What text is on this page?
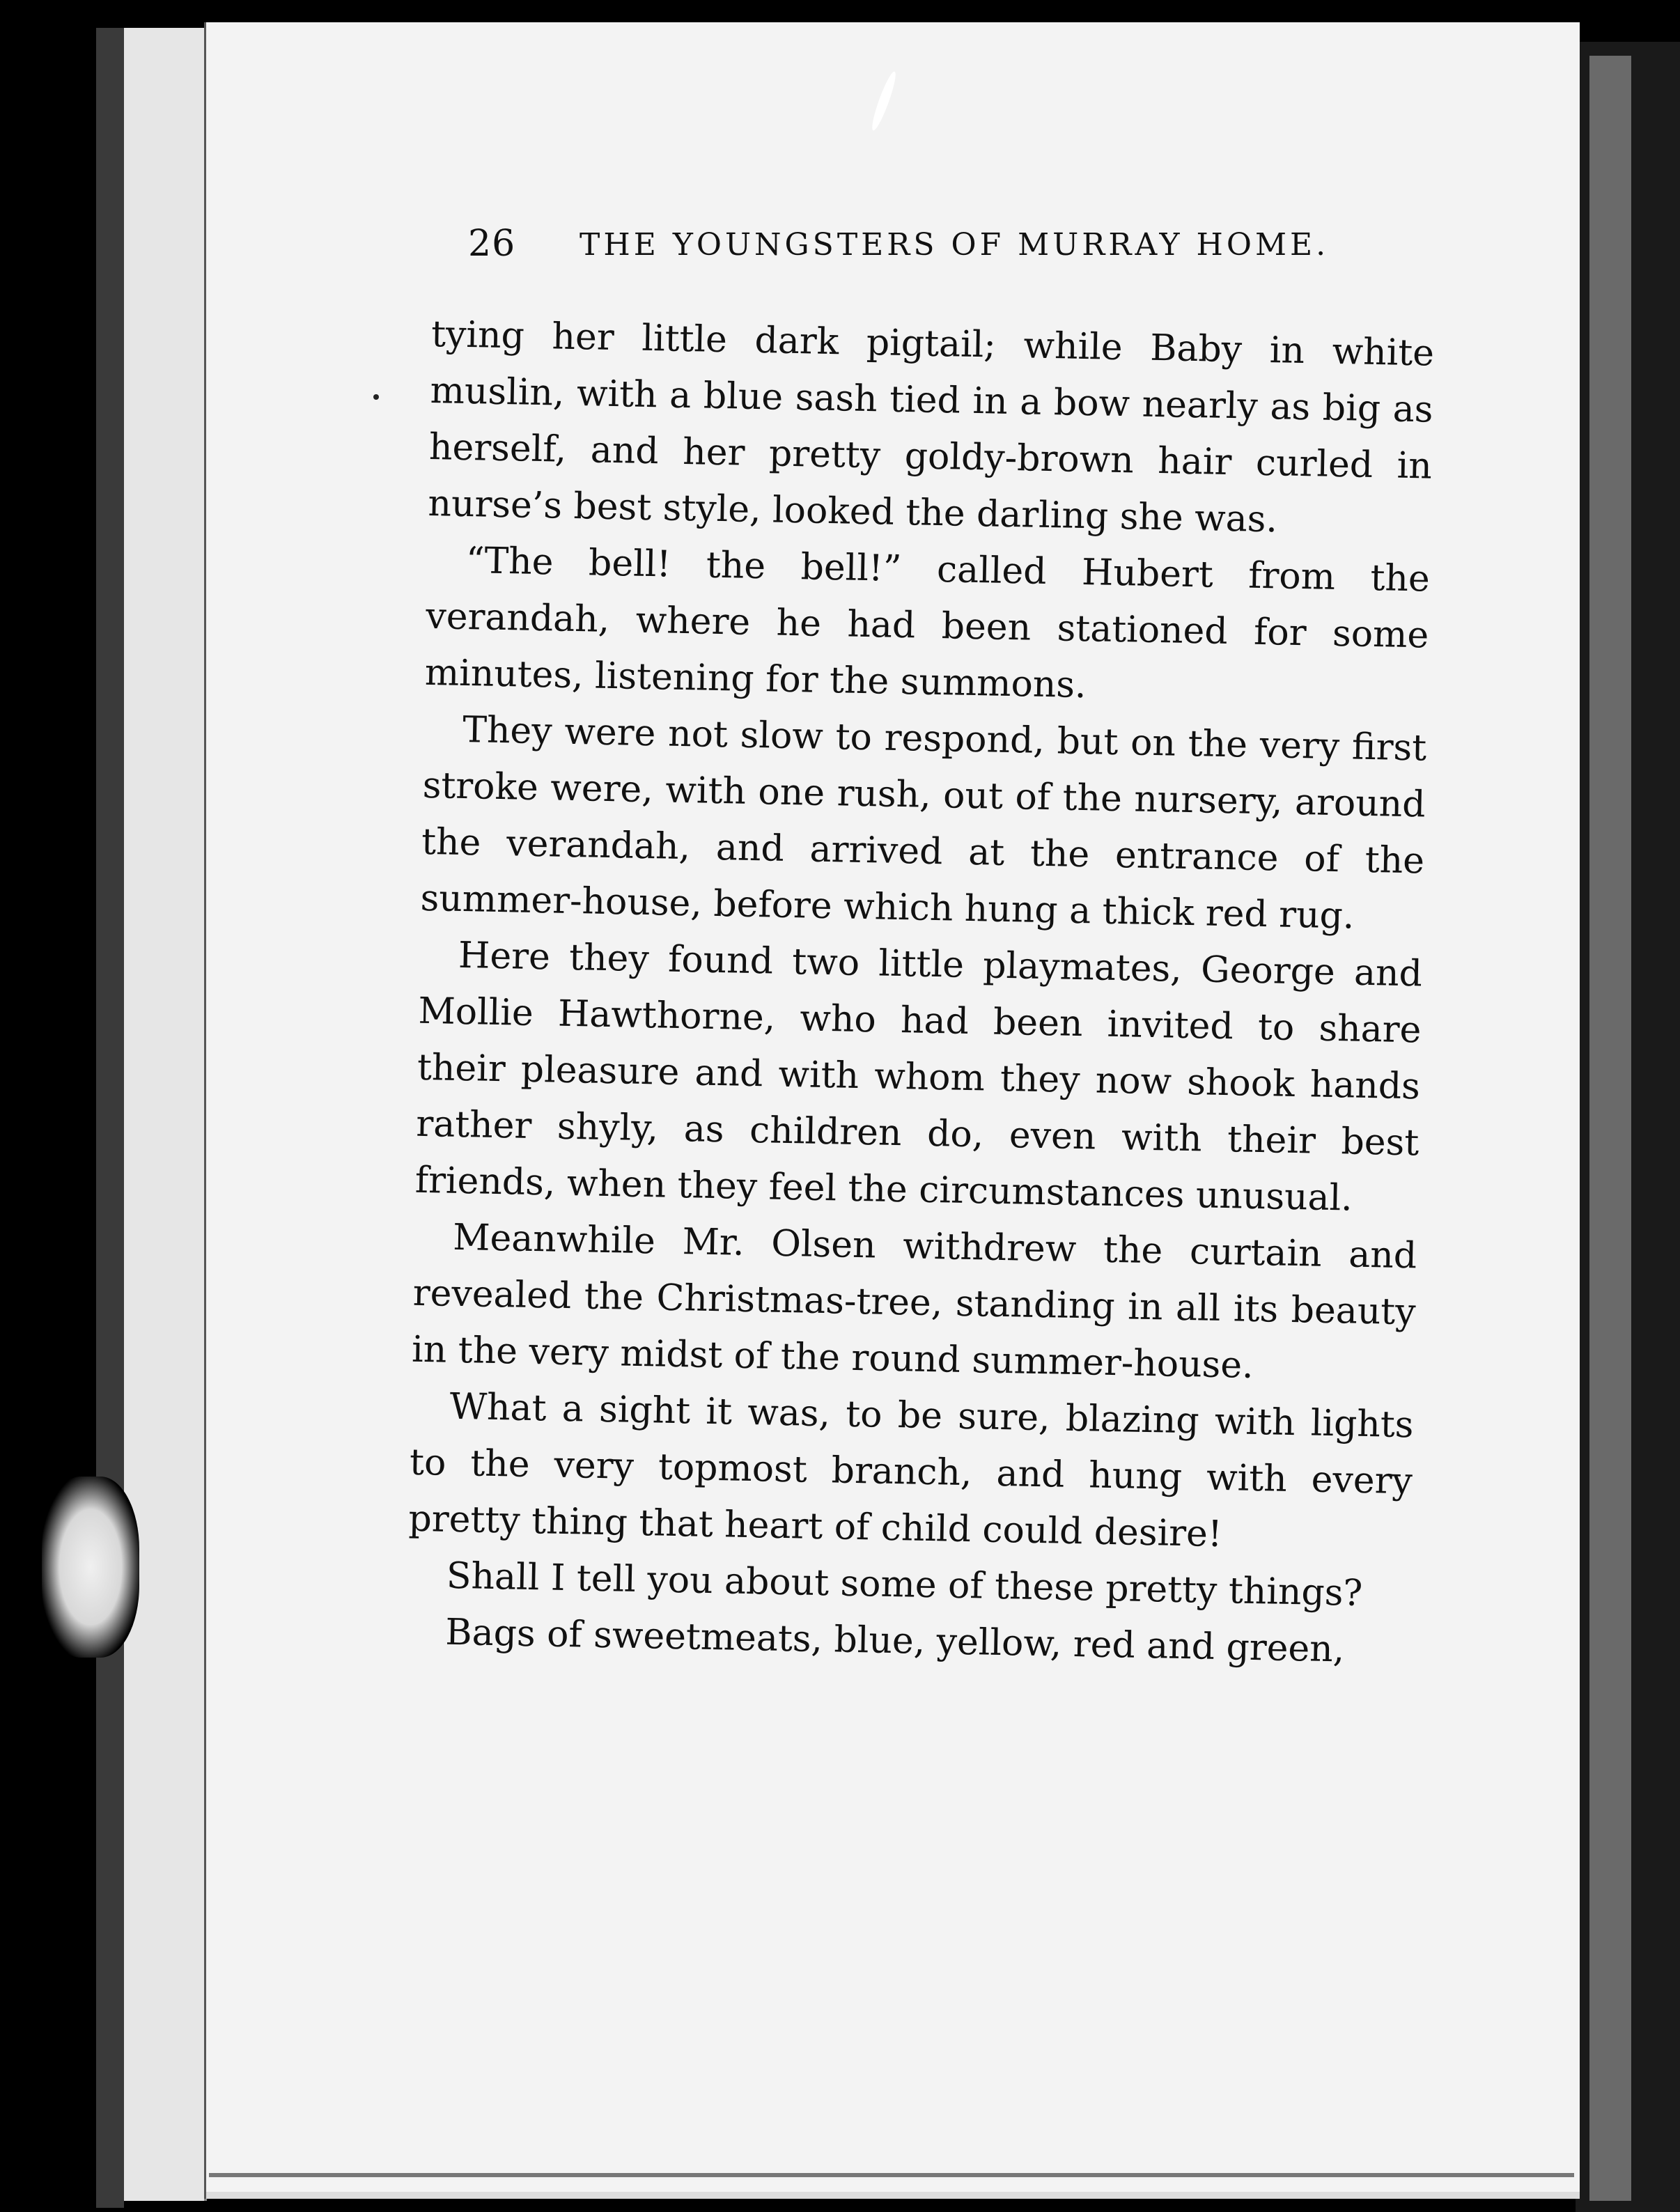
26 THE YOUNGSTERS OF MURRAY HOME.

tying her little dark pigtail; while Baby in white muslin, with a blue sash tied in a bow nearly as big as herself, and her pretty goldy-brown hair curled in nurse’s best style, looked the darling she was.

“The bell! the bell!” called Hubert from the verandah, where he had been stationed for some minutes, listening for the summons.

They were not slow to respond, but on the very first stroke were, with one rush, out of the nursery, around the verandah, and arrived at the entrance of the summer-house, before which hung a thick red rug.

Here they found two little playmates, George and Mollie Hawthorne, who had been invited to share their pleasure and with whom they now shook hands rather shyly, as children do, even with their best friends, when they feel the circumstances unusual.

Meanwhile Mr. Olsen withdrew the curtain and revealed the Christmas-tree, standing in all its beauty in the very midst of the round summer-house.

What a sight it was, to be sure, blazing with lights to the very topmost branch, and hung with every pretty thing that heart of child could desire!

Shall I tell you about some of these pretty things?

Bags of sweetmeats, blue, yellow, red and green,
